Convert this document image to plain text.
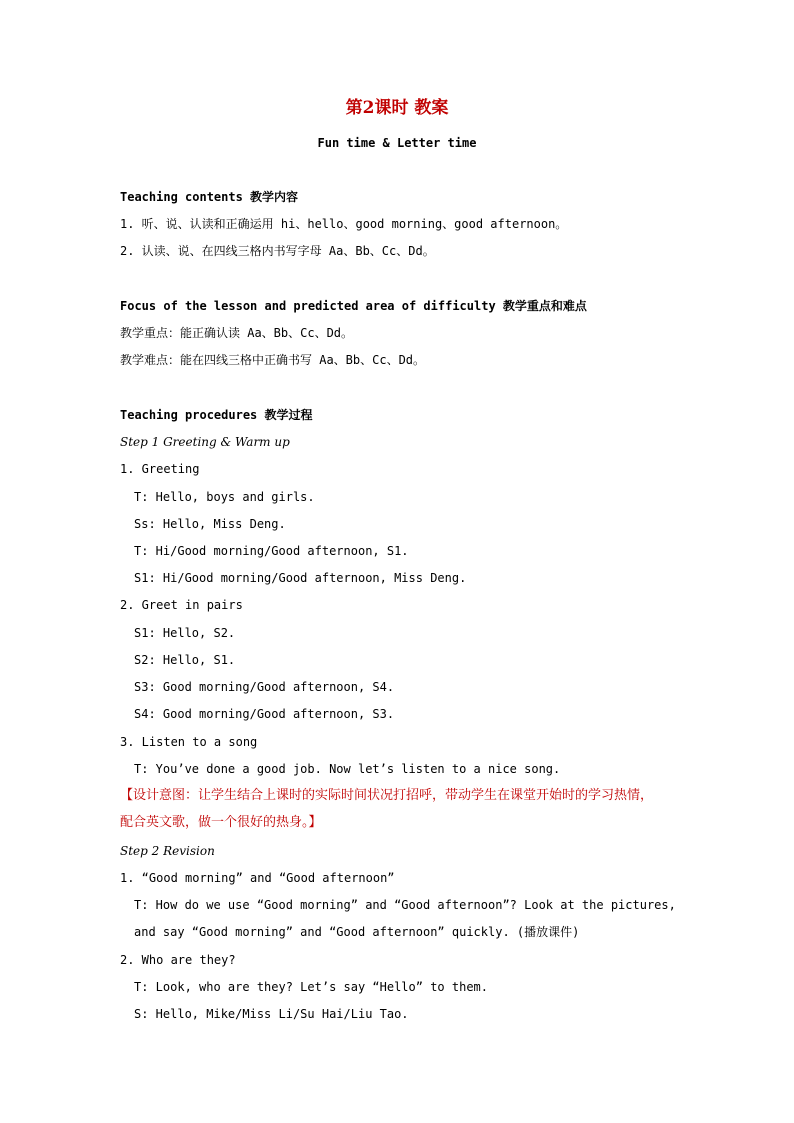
第2课时 教案
Fun time & Letter time
Teaching contents 教学内容
1. 听、说、认读和正确运用 hi、hello、good morning、good afternoon。
2. 认读、说、在四线三格内书写字母 Aa、Bb、Cc、Dd。
Focus of the lesson and predicted area of difficulty 教学重点和难点
教学重点：能正确认读 Aa、Bb、Cc、Dd。
教学难点：能在四线三格中正确书写 Aa、Bb、Cc、Dd。
Teaching procedures 教学过程
Step 1 Greeting & Warm up
1. Greeting
T: Hello, boys and girls.
Ss: Hello, Miss Deng.
T: Hi/Good morning/Good afternoon, S1.
S1: Hi/Good morning/Good afternoon, Miss Deng.
2. Greet in pairs
S1: Hello, S2.
S2: Hello, S1.
S3: Good morning/Good afternoon, S4.
S4: Good morning/Good afternoon, S3.
3. Listen to a song
T: You’ve done a good job. Now let’s listen to a nice song.
【设计意图：让学生结合上课时的实际时间状况打招呼，带动学生在课堂开始时的学习热情，
配合英文歌，做一个很好的热身。】
Step 2 Revision
1. “Good morning” and “Good afternoon”
T: How do we use “Good morning” and “Good afternoon”? Look at the pictures,
and say “Good morning” and “Good afternoon” quickly. (播放课件)
2. Who are they?
T: Look, who are they? Let’s say “Hello” to them.
S: Hello, Mike/Miss Li/Su Hai/Liu Tao.
